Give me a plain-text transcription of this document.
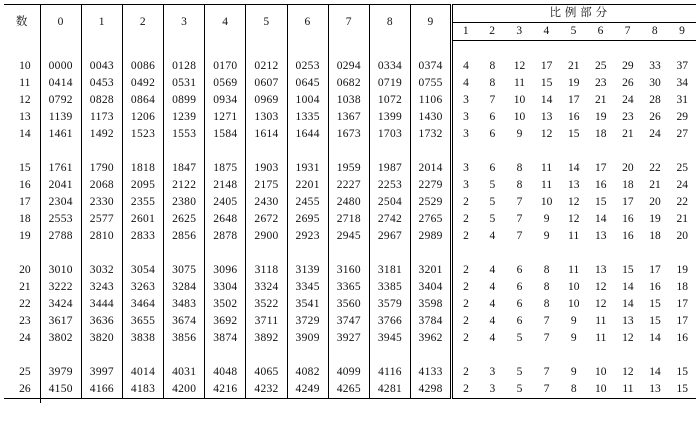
数	0	1	2	3	4	5	6	7	8	9	比 例 部 分								
											1	2	3	4	5	6	7	8	9

10	0000	0043	0086	0128	0170	0212	0253	0294	0334	0374	4	8	12	17	21	25	29	33	37
11	0414	0453	0492	0531	0569	0607	0645	0682	0719	0755	4	8	11	15	19	23	26	30	34
12	0792	0828	0864	0899	0934	0969	1004	1038	1072	1106	3	7	10	14	17	21	24	28	31
13	1139	1173	1206	1239	1271	1303	1335	1367	1399	1430	3	6	10	13	16	19	23	26	29
14	1461	1492	1523	1553	1584	1614	1644	1673	1703	1732	3	6	9	12	15	18	21	24	27

15	1761	1790	1818	1847	1875	1903	1931	1959	1987	2014	3	6	8	11	14	17	20	22	25
16	2041	2068	2095	2122	2148	2175	2201	2227	2253	2279	3	5	8	11	13	16	18	21	24
17	2304	2330	2355	2380	2405	2430	2455	2480	2504	2529	2	5	7	10	12	15	17	20	22
18	2553	2577	2601	2625	2648	2672	2695	2718	2742	2765	2	5	7	9	12	14	16	19	21
19	2788	2810	2833	2856	2878	2900	2923	2945	2967	2989	2	4	7	9	11	13	16	18	20

20	3010	3032	3054	3075	3096	3118	3139	3160	3181	3201	2	4	6	8	11	13	15	17	19
21	3222	3243	3263	3284	3304	3324	3345	3365	3385	3404	2	4	6	8	10	12	14	16	18
22	3424	3444	3464	3483	3502	3522	3541	3560	3579	3598	2	4	6	8	10	12	14	15	17
23	3617	3636	3655	3674	3692	3711	3729	3747	3766	3784	2	4	6	7	9	11	13	15	17
24	3802	3820	3838	3856	3874	3892	3909	3927	3945	3962	2	4	5	7	9	11	12	14	16

25	3979	3997	4014	4031	4048	4065	4082	4099	4116	4133	2	3	5	7	9	10	12	14	15
26	4150	4166	4183	4200	4216	4232	4249	4265	4281	4298	2	3	5	7	8	10	11	13	15
